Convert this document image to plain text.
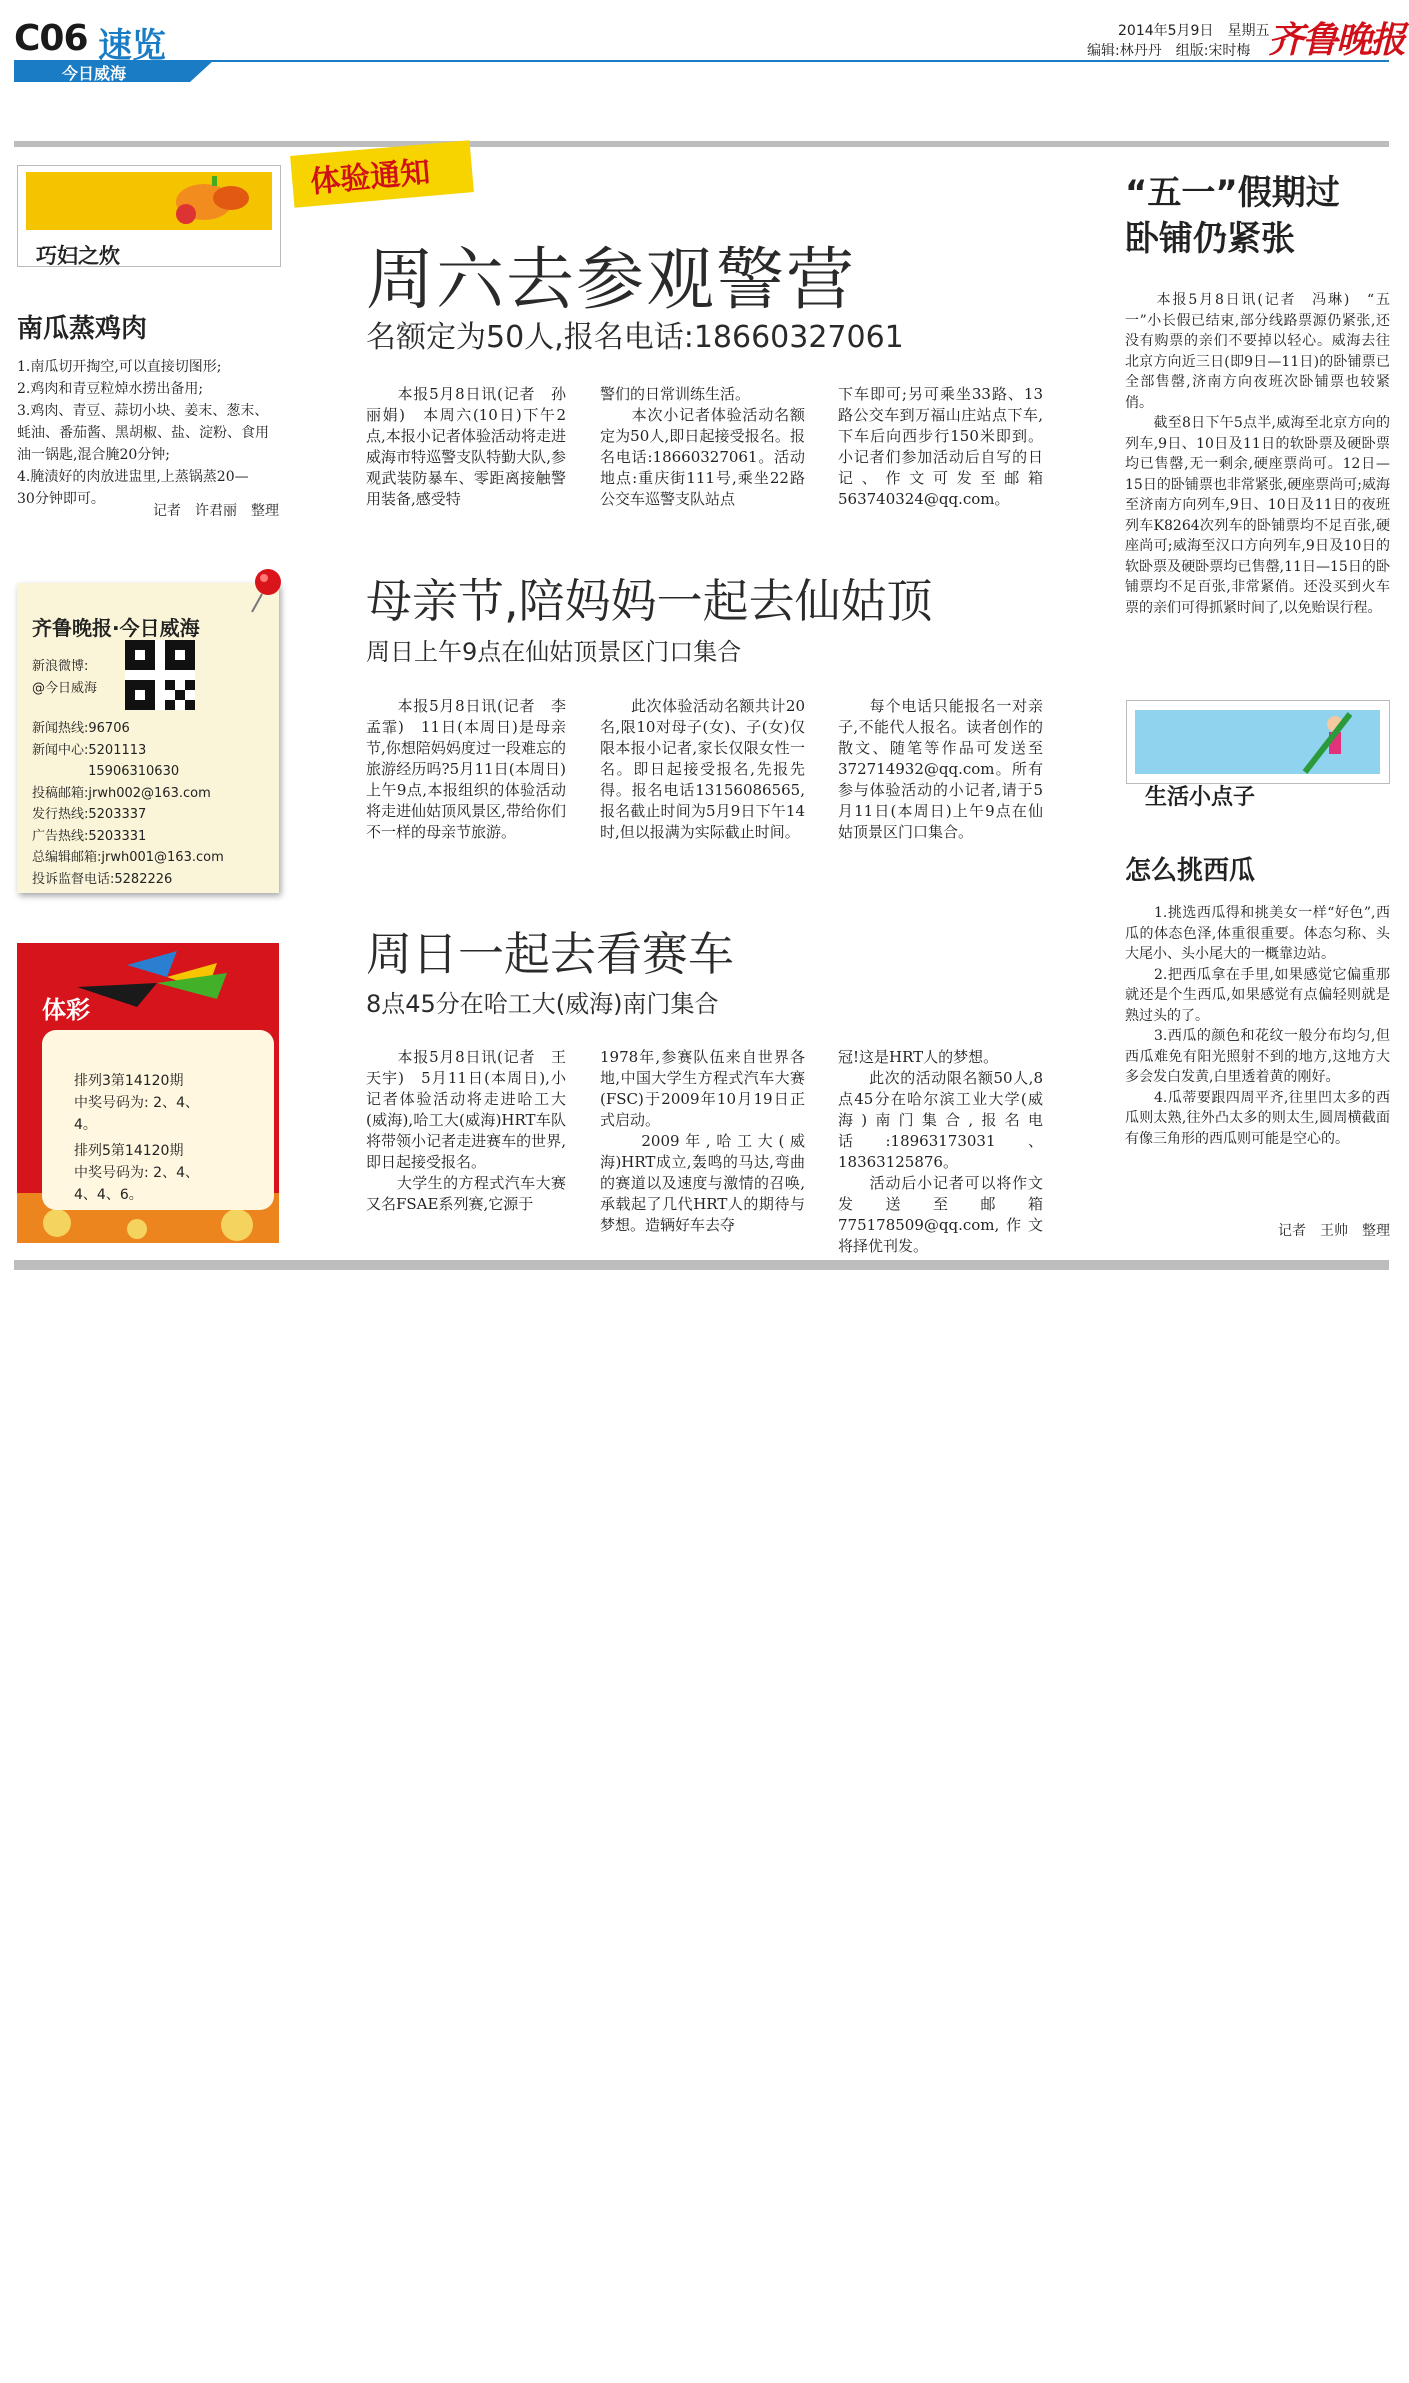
C06 速览
今日威海
2014年5月9日　星期五
编辑:林丹丹　组版:宋时梅 齐鲁晚报
巧妇之炊
南瓜蒸鸡肉
1.南瓜切开掏空,可以直接切图形;
2.鸡肉和青豆粒焯水捞出备用;
3.鸡肉、青豆、蒜切小块、姜末、葱末、
蚝油、番茄酱、黑胡椒、盐、淀粉、食用
油一锅匙,混合腌20分钟;
4.腌渍好的肉放进盅里,上蒸锅蒸20—
30分钟即可。
记者　许君丽　整理
齐鲁晚报·今日威海
新浪微博:
@今日威海
新闻热线:96706
新闻中心:5201113
　　　　 15906310630
投稿邮箱:jrwh002@163.com
发行热线:5203337
广告热线:5203331
总编辑邮箱:jrwh001@163.com
投诉监督电话:5282226
体彩
排列3第14120期
中奖号码为: 2、4、
4。
排列5第14120期
中奖号码为: 2、4、
4、4、6。
体验通知
周六去参观警营
名额定为50人,报名电话:18660327061
　　本报5月8日讯(记者　孙丽娟)　本周六(10日)下午2点,本报小记者体验活动将走进威海市特巡警支队特勤大队,参观武装防暴车、零距离接触警用装备,感受特
警们的日常训练生活。
　　本次小记者体验活动名额定为50人,即日起接受报名。报名电话:18660327061。活动地点:重庆街111号,乘坐22路公交车巡警支队站点
下车即可;另可乘坐33路、13路公交车到万福山庄站点下车,下车后向西步行150米即到。小记者们参加活动后自写的日记、作文可发至邮箱563740324@qq.com。
母亲节,陪妈妈一起去仙姑顶
周日上午9点在仙姑顶景区门口集合
　　本报5月8日讯(记者　李孟霏)　11日(本周日)是母亲节,你想陪妈妈度过一段难忘的旅游经历吗?5月11日(本周日)上午9点,本报组织的体验活动将走进仙姑顶风景区,带给你们不一样的母亲节旅游。
　　此次体验活动名额共计20名,限10对母子(女)、子(女)仅限本报小记者,家长仅限女性一名。即日起接受报名,先报先得。报名电话13156086565,报名截止时间为5月9日下午14时,但以报满为实际截止时间。
　　每个电话只能报名一对亲子,不能代人报名。读者创作的散文、随笔等作品可发送至372714932@qq.com。所有参与体验活动的小记者,请于5月11日(本周日)上午9点在仙姑顶景区门口集合。
周日一起去看赛车
8点45分在哈工大(威海)南门集合
　　本报5月8日讯(记者　王天宇)　5月11日(本周日),小记者体验活动将走进哈工大(威海),哈工大(威海)HRT车队将带领小记者走进赛车的世界,即日起接受报名。
　　大学生的方程式汽车大赛又名FSAE系列赛,它源于
1978年,参赛队伍来自世界各地,中国大学生方程式汽车大赛(FSC)于2009年10月19日正式启动。
　　2009年,哈工大(威海)HRT成立,轰鸣的马达,弯曲的赛道以及速度与激情的召唤,承载起了几代HRT人的期待与梦想。造辆好车去夺
冠!这是HRT人的梦想。
　　此次的活动限名额50人,8点45分在哈尔滨工业大学(威海)南门集合,报名电话:18963173031、18363125876。
　　活动后小记者可以将作文发送至邮箱775178509@qq.com,作文将择优刊发。
“五一”假期过
卧铺仍紧张
　　本报5月8日讯(记者　冯琳)　“五一”小长假已结束,部分线路票源仍紧张,还没有购票的亲们不要掉以轻心。威海去往北京方向近三日(即9日—11日)的卧铺票已全部售罄,济南方向夜班次卧铺票也较紧俏。
　　截至8日下午5点半,威海至北京方向的列车,9日、10日及11日的软卧票及硬卧票均已售罄,无一剩余,硬座票尚可。12日—15日的卧铺票也非常紧张,硬座票尚可;威海至济南方向列车,9日、10日及11日的夜班列车K8264次列车的卧铺票均不足百张,硬座尚可;威海至汉口方向列车,9日及10日的软卧票及硬卧票均已售罄,11日—15日的卧铺票均不足百张,非常紧俏。还没买到火车票的亲们可得抓紧时间了,以免贻误行程。
生活小点子
怎么挑西瓜
　　1.挑选西瓜得和挑美女一样“好色”,西瓜的体态色泽,体重很重要。体态匀称、头大尾小、头小尾大的一概靠边站。
　　2.把西瓜拿在手里,如果感觉它偏重那就还是个生西瓜,如果感觉有点偏轻则就是熟过头的了。
　　3.西瓜的颜色和花纹一般分布均匀,但西瓜难免有阳光照射不到的地方,这地方大多会发白发黄,白里透着黄的刚好。
　　4.瓜蒂要跟四周平齐,往里凹太多的西瓜则太熟,往外凸太多的则太生,圆周横截面有像三角形的西瓜则可能是空心的。
记者　王帅　整理
